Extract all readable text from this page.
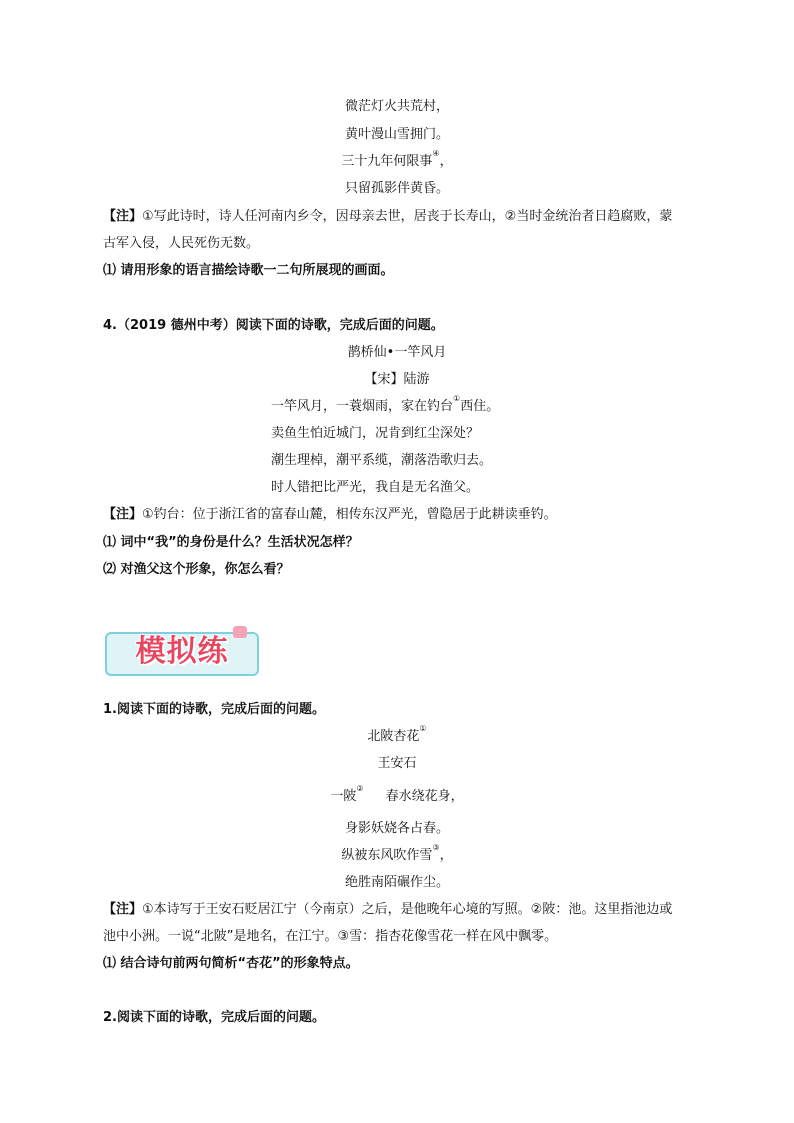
微茫灯火共荒村，
黄叶漫山雪拥门。
三十九年何限事④，
只留孤影伴黄昏。
【注】①写此诗时，诗人任河南内乡令，因母亲去世，居丧于长寿山，②当时金统治者日趋腐败，蒙
古军入侵，人民死伤无数。
⑴ 请用形象的语言描绘诗歌一二句所展现的画面。
4.（2019 德州中考）阅读下面的诗歌，完成后面的问题。
鹊桥仙•一竿风月
【宋】陆游
一竿风月，一蓑烟雨，家在钓台①西住。
卖鱼生怕近城门，况肯到红尘深处？
潮生理棹，潮平系缆，潮落浩歌归去。
时人错把比严光，我自是无名渔父。
【注】①钓台：位于浙江省的富春山麓，相传东汉严光，曾隐居于此耕读垂钓。
⑴ 词中“我”的身份是什么？生活状况怎样？
⑵ 对渔父这个形象，你怎么看？
模拟练
1.阅读下面的诗歌，完成后面的问题。
北陂杏花①
王安石
一陂②春水绕花身，
身影妖娆各占春。
纵被东风吹作雪③，
绝胜南陌碾作尘。
【注】①本诗写于王安石贬居江宁（今南京）之后，是他晚年心境的写照。②陂：池。这里指池边或
池中小洲。一说“北陂”是地名，在江宁。③雪：指杏花像雪花一样在风中飘零。
⑴ 结合诗句前两句简析“杏花”的形象特点。
2.阅读下面的诗歌，完成后面的问题。
